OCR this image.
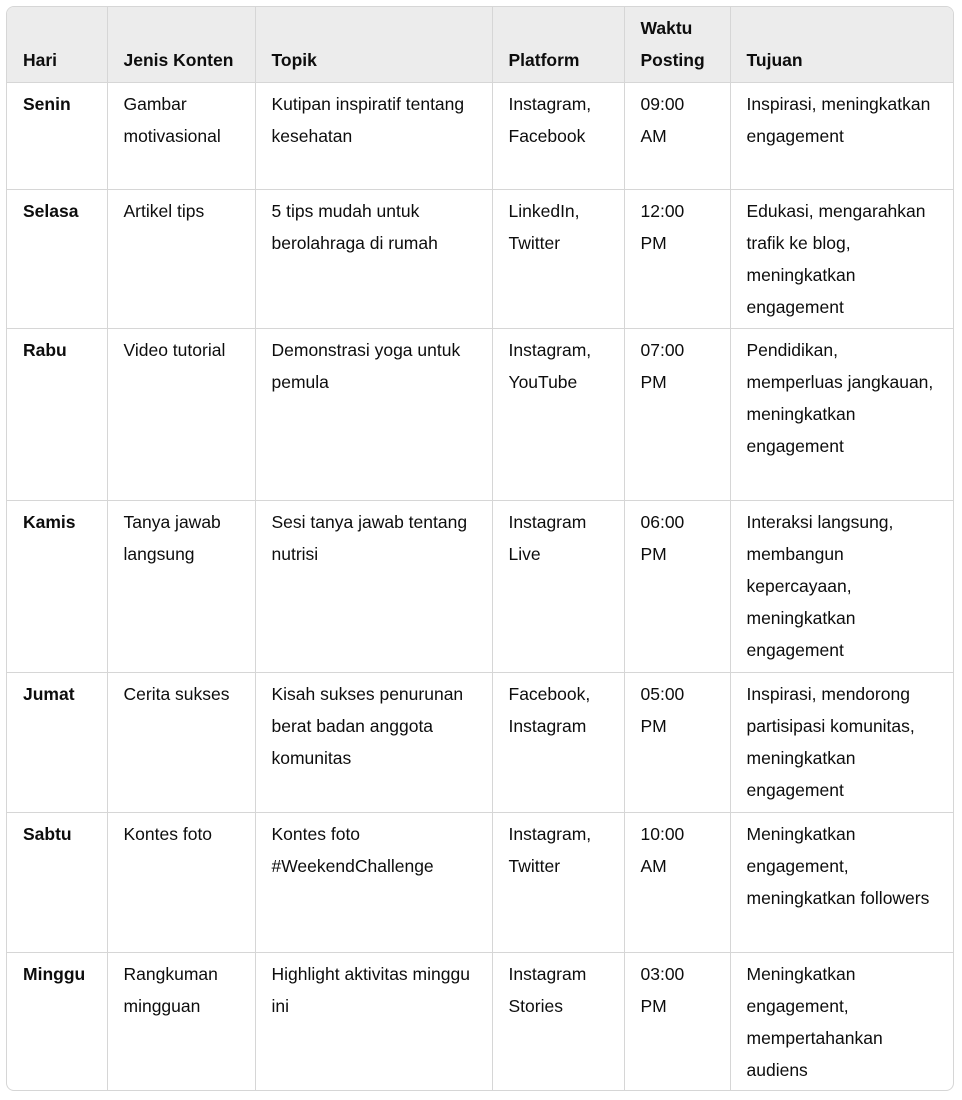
Hari	Jenis Konten	Topik	Platform	Waktu Posting	Tujuan
Senin	Gambar motivasional	Kutipan inspiratif tentang kesehatan	Instagram, Facebook	09:00 AM	Inspirasi, meningkatkan engagement
Selasa	Artikel tips	5 tips mudah untuk berolahraga di rumah	LinkedIn, Twitter	12:00 PM	Edukasi, mengarahkan trafik ke blog, meningkatkan engagement
Rabu	Video tutorial	Demonstrasi yoga untuk pemula	Instagram, YouTube	07:00 PM	Pendidikan, memperluas jangkauan, meningkatkan engagement
Kamis	Tanya jawab langsung	Sesi tanya jawab tentang nutrisi	Instagram Live	06:00 PM	Interaksi langsung, membangun kepercayaan, meningkatkan engagement
Jumat	Cerita sukses	Kisah sukses penurunan berat badan anggota komunitas	Facebook, Instagram	05:00 PM	Inspirasi, mendorong partisipasi komunitas, meningkatkan engagement
Sabtu	Kontes foto	Kontes foto #WeekendChallenge	Instagram, Twitter	10:00 AM	Meningkatkan engagement, meningkatkan followers
Minggu	Rangkuman mingguan	Highlight aktivitas minggu ini	Instagram Stories	03:00 PM	Meningkatkan engagement, mempertahankan audiens
